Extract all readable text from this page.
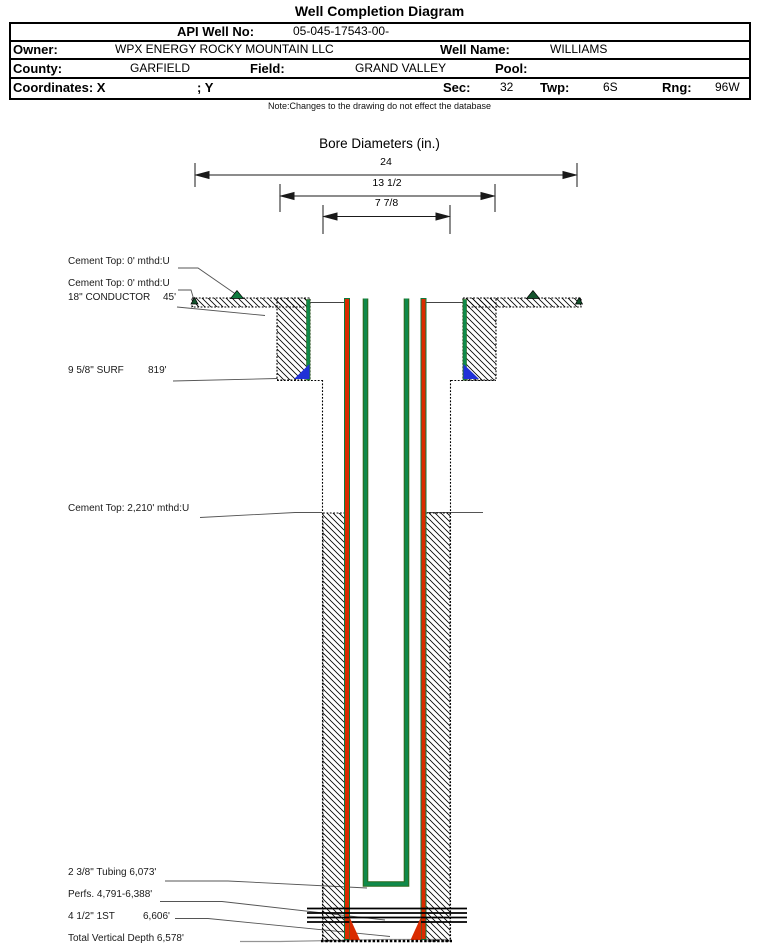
Well Completion Diagram
API Well No:	05-045-17543-00-
Owner:	WPX ENERGY ROCKY MOUNTAIN LLC	Well Name:	WILLIAMS
County:	GARFIELD	Field:	GRAND VALLEY	Pool:
Coordinates: X	; Y	Sec: 32 Twp:	6S	Rng: 96W
Note:Changes to the drawing do not effect the database
Bore Diameters (in.)
24
13 1/2
7 7/8
Cement Top: 0' mthd:U
Cement Top: 0' mthd:U
18" CONDUCTOR 45'
9 5/8" SURF 819'
Cement Top: 2,210' mthd:U
2 3/8" Tubing 6,073'
Perfs. 4,791-6,388'
4 1/2" 1ST	6,606'
Total Vertical Depth 6,578'
